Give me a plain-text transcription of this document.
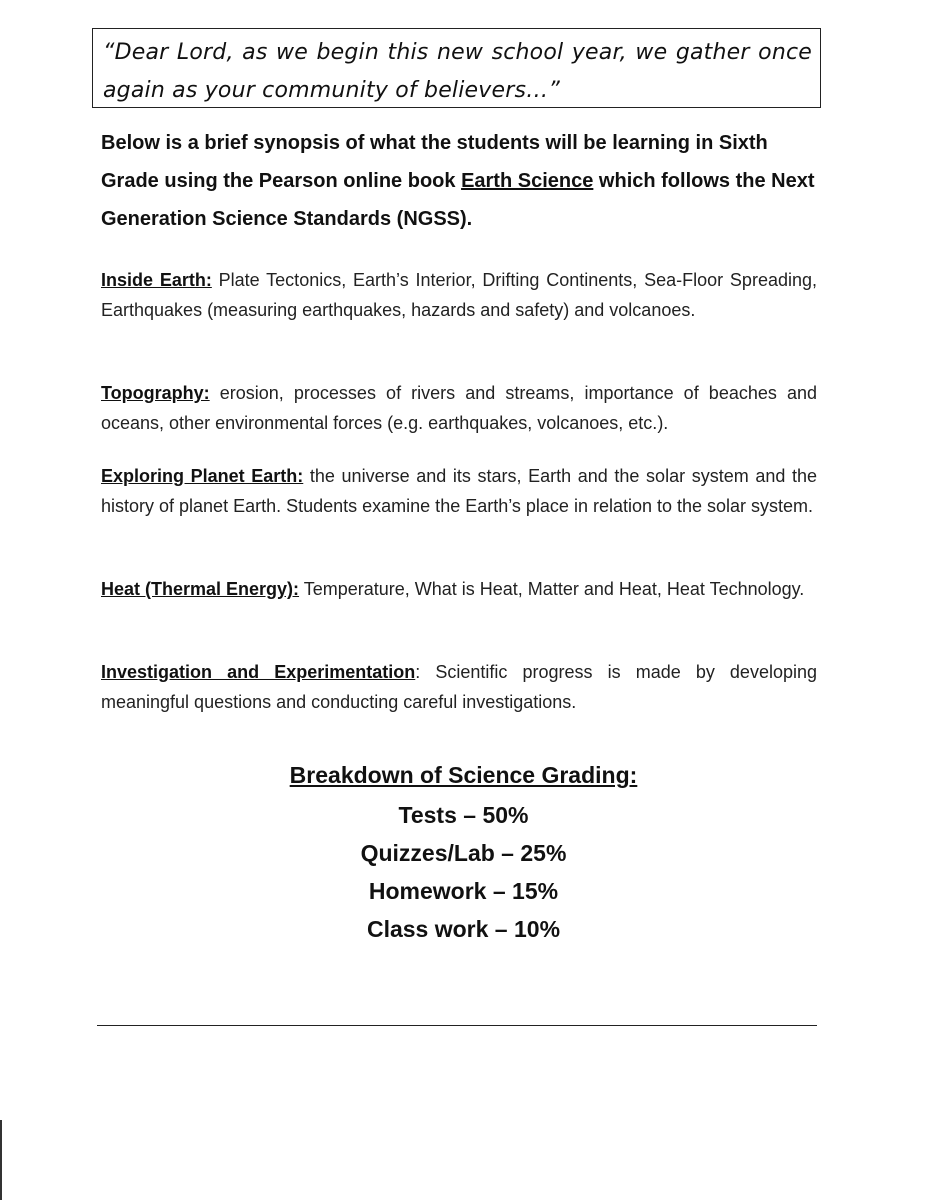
“Dear Lord, as we begin this new school year, we gather once again as your community of believers…”

Below is a brief synopsis of what the students will be learning in Sixth Grade using the Pearson online book Earth Science which follows the Next Generation Science Standards (NGSS).

Inside Earth: Plate Tectonics, Earth’s Interior, Drifting Continents, Sea-Floor Spreading, Earthquakes (measuring earthquakes, hazards and safety) and volcanoes.

Topography: erosion, processes of rivers and streams, importance of beaches and oceans, other environmental forces (e.g. earthquakes, volcanoes, etc.).

Exploring Planet Earth: the universe and its stars, Earth and the solar system and the history of planet Earth. Students examine the Earth’s place in relation to the solar system.

Heat (Thermal Energy): Temperature, What is Heat, Matter and Heat, Heat Technology.

Investigation and Experimentation: Scientific progress is made by developing meaningful questions and conducting careful investigations.

Breakdown of Science Grading:

Tests – 50%

Quizzes/Lab – 25%

Homework – 15%

Class work – 10%
